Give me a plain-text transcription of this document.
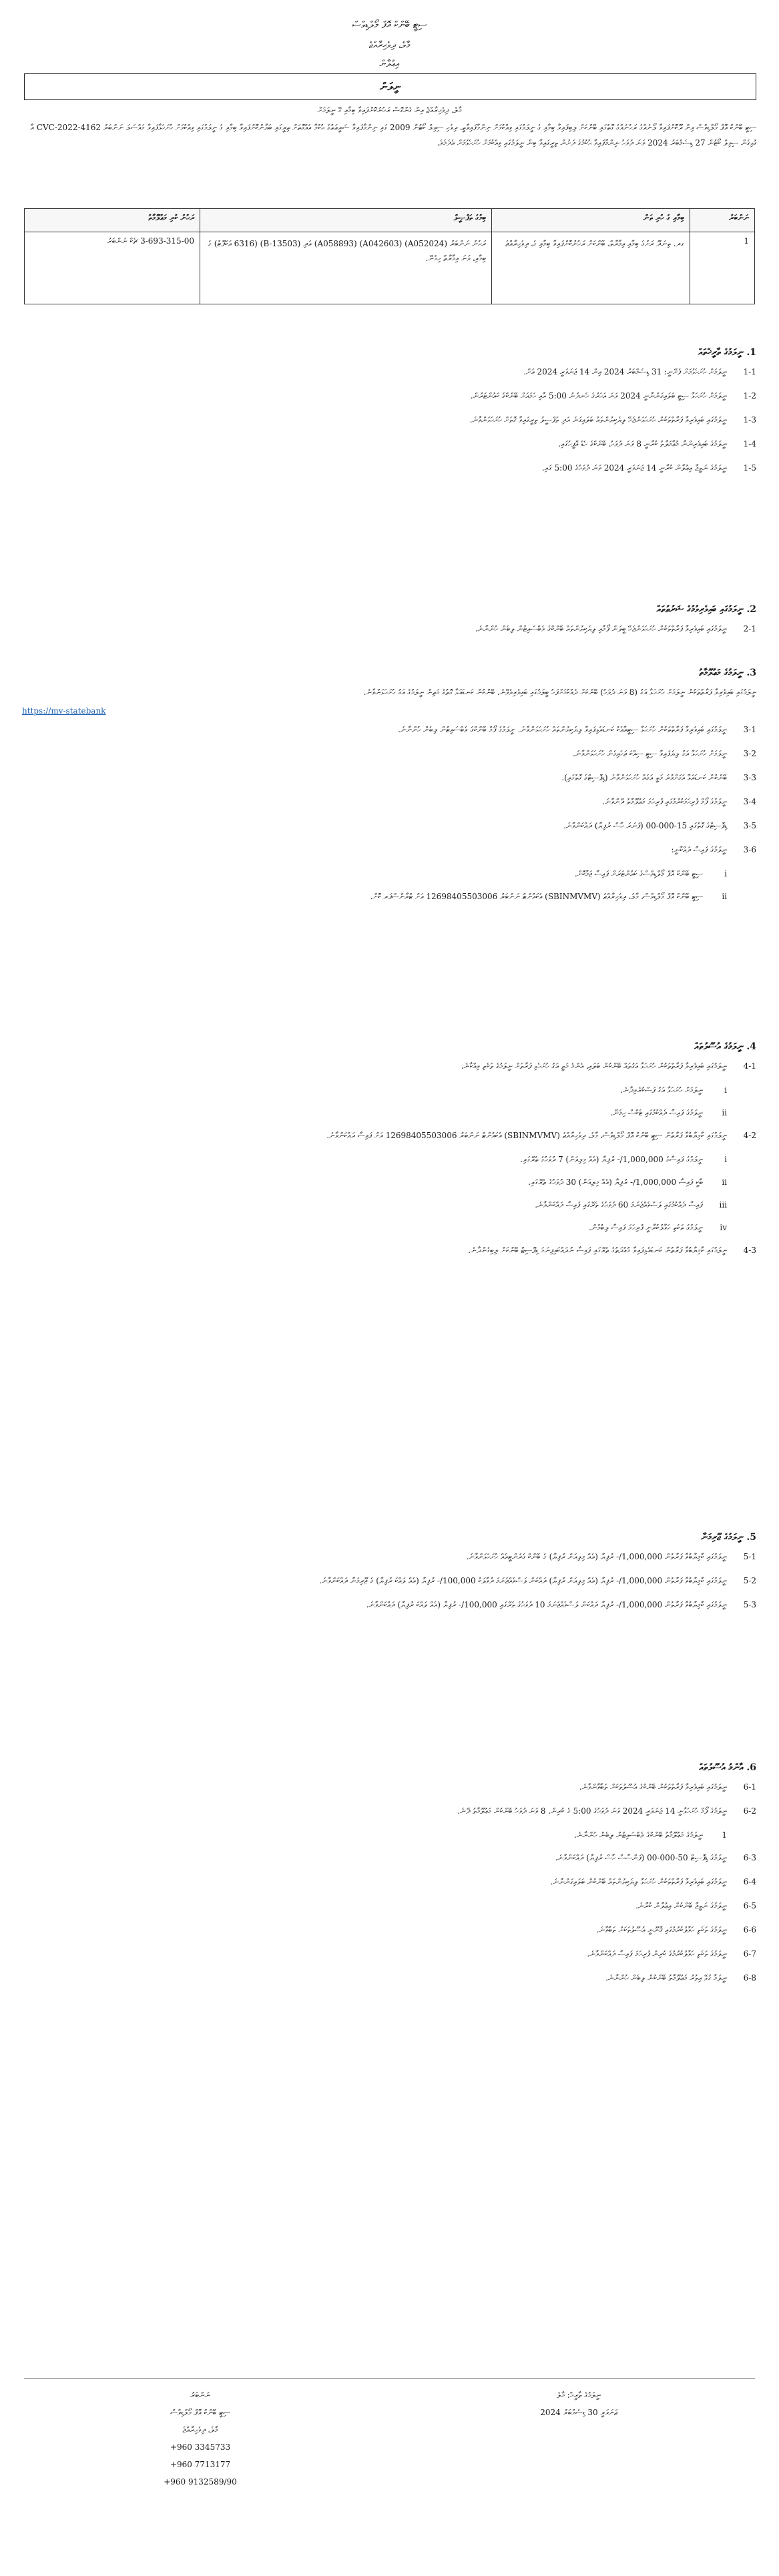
ސިޓީ ބޭންކް އޮފް މޯލްޑިވްސް
މާލެ، ދިވެހިރާއްޖެ
އިޢުލާން
ނީލަން
މާލެ، ދިވެހިރާއްޖެ އިން ގެންގޮސް ރަހުނުކޮށްފައިވާ ބިމާއި ގޭ ނީލަމަށް
ސިޓީ ބޭންކް އޮފް މޯލްޑިވްސް އިން ދޫކޮށްފައިވާ ލޯނެއްގެ ރަހުނެއްގެ ގޮތުގައި ބޭންކަށް ލިބިފައިވާ ބިމާއި ގެ ނީލަމުގައި ވިއްކުމަށް ނިންމާފައިވާތީ، ދިވެހި ސިވިލް ކޯޓުން 2009 ގައި ނިންމާފައިވާ ޝަރީޢަތުގެ ޙުކުމާ އެއްގޮތަށް ތިރީގައި ބަޔާންކޮށްފައިވާ ބިމާއި ގެ ނީލަމުގައި ވިއްކުމަށް ހުށަހަޅާފައިވާ މައްސަލަ ނަންބަރު 4162-CVC-2022 އާ ގުޅިގެން ސިވިލް ކޯޓުން 27 ޑިސެމްބަރު 2024 ވަނަ ދުވަހު ނިންމާފައިވާ ޙުކުމުގެ ދަށުން ތިރީގައިވާ ބިން ނީލަމުގައި ވިއްކުމަށް ހުށަހެޅުމަށް އެދެމެވެ.
ނަންބަރު	ބިމާއި ގެ ހުރި ތަން	ބިމުގެ ތަފްޞީލް	ރަހުނު ކުރި މަޢުލޫމާތު
1	ގދ. ތިނަދޫ ރަށުގެ ބިމާއި އިމާރާތް، ބޭންކަށް ރަހުނުކޮށްފައިވާ ބިމާއި ގެ، ދިވެހިރާއްޖެ	ރަހުނު ނަންބަރު (A052024) (A042603) (A058893) އަދި (B-13503) (6316 އަކަފޫޓު) ގެ ބިމާއި، ވަނަ އިމާރާތް ހިމެނޭ.	3-693-315-00 ޗެކް ނަންބަރު
1. ނީލަމުގެ ތާރީޚްތައް
1-1
ނީލަމަށް ހުށަހެޅުމަށް ފެށޭނީ: 31 ޑިސެމްބަރު 2024 އިން 14 ޖަނަވަރީ 2024 އަށް.
1-2
ނީލަމަށް ހުށަހަޅާ ސިޓީ ބަލައިގަންނާނީ 2024 ވަނަ އަހަރުގެ ހެނދުނު 5:00 އާއި ހަމައަށް ބޭންކްގެ ކައުންޓަރުން.
1-3
ނީލަމުގައި ބައިވެރިވާ ފަރާތްތަކުން ހުށަހަޅަންޖެހޭ ލިޔެކިޔުންތައް ބަލައިގަނެ އަދި ތަފްސީލު ތިރީގައިވާ ގޮތަށް ހުށަހަޅަންވާނެ.
1-4
ނީލަމުގެ ބައިވެރިންނާ މުޢާމަލާތު ކުރާނީ 8 ވަނަ ދުވަހު، ބޭންކްގެ ހެޑް އޮފީހުގައި.
1-5
ނީލަމުގެ ނަތީޖާ އިޢުލާން ކުރާނީ 14 ޖަނަވަރީ 2024 ވަނަ ދުވަހުގެ 5:00 ގައި.
2. ނީލަމުގައި ބައިވެރިވުމުގެ ޝަރުޠުތައް
2-1
ނީލަމުގައި ބައިވެރިވާ ފަރާތްތަކުން ހުށަހަޅަންޖެހޭ ބީލަން ފޯމާއި ލިޔެކިޔުންތައް ބޭންކްގެ ވެބްސައިޓުން ލިބެން ހުންނާނެ.
3. ނީލަމުގެ މަޢުލޫމާތު
ނީލަމުގައި ބައިވެރިވާ ފަރާތްތަކުން ނީލަމަށް ހުށަހަޅާ އަގު (8 ވަނަ ދުވަހު) ބޭންކަށް ދެއްކުމަށްފަހު ބީލަމުގައި ބައިވެރިވެވޭނެ. ބޭންކުން ކަނޑައަޅާ ގޮތުގެ މަތިން ނީލަމުގެ އަގު ހުށަހަޅަންވާނެ.
https://mv-statebank
3-1
ނީލަމުގައި ބައިވެރިވާ ފަރާތްތަކުން ހުށަހަޅާ ސިޓީއާއެކު ކަނޑައެޅިފައިވާ ލިޔެކިޔުންތައް ހުށަހަޅަންވާނެ. ނީލަމުގެ ފޯމް ބޭންކްގެ ވެބްސައިޓުން ލިބެން ހުންނާނެ.
3-2
ނީލަމަށް ހުށަހަޅާ އަގު ލިޔެފައިވާ ސިޓީ ސިއްކަ ޖަހައިގެން ހުށަހަޅަންވާނެ.
3-3
ބޭންކުން ކަނޑައަޅާ އަގަށްވުރެ މަތީ އަގެއް ހުށަހަޅަންވާނެ (ޑިޕޮސިޓްގެ ގޮތުގައި).
3-4
ނީލަމުގެ ފޯމް ފުރިހަމަކުރުމުގައި ފުރިހަމަ މަޢުލޫމާތު ދޭންވާނެ.
3-5
ޑިޕޮސިޓްގެ ގޮތުގައި 15-000-00 (ފަނަރަ ހާސް ރުފިޔާ) ދައްކަންވާނެ.
3-6
ނީލަމުގެ ފައިސާ ދައްކާނީ:
i
ސިޓީ ބޭންކް އޮފް މޯލްޑިވްސްގެ ކައުންޓަރަށް ފައިސާ ޖަމާކޮށް.
ii
ސިޓީ ބޭންކް އޮފް މޯލްޑިވްސް، މާލެ، ދިވެހިރާއްޖެ (SBINMVMV) އެކައުންޓް ނަންބަރު 12698405503006 އަށް ޓްރާންސްފަރ ކޮށް.
4. ނީލަމުގެ އުސޫލުތައް
4-1
ނީލަމުގައި ބައިވެރިވާ ފަރާތްތަކުން ހުށަހަޅާ އަގުތައް ބޭންކުން ބަލައި، އެންމެ މަތީ އަގު ހުށަހެޅި ފަރާތަށް ނީލަމުގެ ތަކެތި ވިއްކާނެ.
i
ނީލަމަށް ހުށަހަޅާ އަގު ފަސްކުރެވިދާނެ.
ii
ނީލަމުގެ ފައިސާ ދެއްކުމުގައި ޓެކްސް ހިމެނޭ.
4-2
ނީލަމުގައި ކާމިޔާބުވާ ފަރާތުން ސިޓީ ބޭންކް އޮފް މޯލްޑިވްސް، މާލެ، ދިވެހިރާއްޖެ (SBINMVMV) އެކައުންޓް ނަންބަރު 12698405503006 އަށް ފައިސާ ދައްކަންވާނެ.
i
ނީލަމުގެ ފައިސާގެ 1,000,000/- ރުފިޔާ (އެއް މިލިއަން) 7 ދުވަހުގެ ތެރޭގައި.
ii
ބާކީ ފައިސާ 1,000,000/- ރުފިޔާ (އެއް މިލިއަން) 30 ދުވަހުގެ ތެރޭގައި.
iii
ފައިސާ ދެއްކުމުގައި ލަސްވެއްޖެނަމަ 60 ދުވަހުގެ ތެރޭގައި ފައިސާ ދައްކަންވާނެ.
iv
ނީލަމުގެ ތަކެތި ހަވާލުކުރާނީ ފުރިހަމަ ފައިސާ ލިބުމުން.
4-3
ނީލަމުގައި ކާމިޔާބުވާ ފަރާތުން ކަނޑައެޅިފައިވާ މުއްދަތުގެ ތެރޭގައި ފައިސާ ނުދައްކައިފިނަމަ ޑިޕޮސިޓް ބޭންކަށް ލިބިގެންދާނެ.
5. ނީލަމުގެ ޖޫރިމަނާ
5-1
ނީލަމުގައި ކާމިޔާބުވާ ފަރާތުން 1,000,000/- ރުފިޔާ (އެއް މިލިއަން ރުފިޔާ) ގެ ބޭންކް ގެރެންޓީއެއް ހުށަހަޅަންވާނެ.
5-2
ނީލަމުގައި ކާމިޔާބުވާ ފަރާތުން 1,000,000/- ރުފިޔާ (އެއް މިލިއަން ރުފިޔާ) ދައްކަން ލަސްވެއްޖެނަމަ ދުވާލަކު 100,000/- ރުފިޔާ (އެއް ލައްކަ ރުފިޔާ) ގެ ޖޫރިމަނާ ދައްކަންވާނެ.
5-3
ނީލަމުގައި ކާމިޔާބުވާ ފަރާތުން 1,000,000/- ރުފިޔާ ދައްކަން ލަސްވެއްޖެނަމަ 10 ދުވަހުގެ ތެރޭގައި 100,000/- ރުފިޔާ (އެއް ލައްކަ ރުފިޔާ) ދައްކަންވާނެ.
6. އާންމު އުސޫލުތައް
6-1
ނީލަމުގައި ބައިވެރިވާ ފަރާތްތަކުން ބޭންކްގެ އުސޫލުތަކަށް ތަބާވާންވާނެ.
6-2
ނީލަމުގެ ފޯމް ހުށަހަޅާނީ 14 ޖަނަވަރީ 2024 ވަނަ ދުވަހުގެ 5:00 ގެ ކުރިން. 8 ވަނަ ދުވަހު ބޭންކުން މަޢުލޫމާތު ދޭނެ.
1
ނީލަމުގެ މަޢުލޫމާތު ބޭންކްގެ ވެބްސައިޓުން ލިބެން ހުންނާނެ.
6-3
ނީލަމުގެ ޑިޕޮސިޓް 50-000-00 (ފަންސާސް ހާސް ރުފިޔާ) ދައްކަންވާނެ.
6-4
ނީލަމުގައި ބައިވެރިވާ ފަރާތްތަކުން ހުށަހަޅާ ލިޔެކިޔުންތައް ބޭންކުން ބަލައިގަންނާނެ.
6-5
ނީލަމުގެ ނަތީޖާ ބޭންކުން އިޢުލާން ކުރާނެ.
6-6
ނީލަމުގެ ތަކެތި ހަވާލުކުރުމުގައި ޤާނޫނީ އުސޫލުތަކަށް ތަބާވާނެ.
6-7
ނީލަމުގެ ތަކެތި ހަވާލުކުރުމުގެ ކުރިން ފުރިހަމަ ފައިސާ ދައްކަންވާނެ.
6-8
ނީލަމާ ގުޅޭ އިތުރު މަޢުލޫމާތު ބޭންކުން ލިބެން ހުންނާނެ.
ނަންބަރު
ސިޓީ ބޭންކް އޮފް މޯލްޑިވްސް
މާލެ، ދިވެހިރާއްޖެ
+960 3345733
+960 7713177
+960 9132589/90
ނީލަމުގެ ތާރީޚް: މާލެ
ޖަނަވަރީ 30 ޑިސެމްބަރު 2024
